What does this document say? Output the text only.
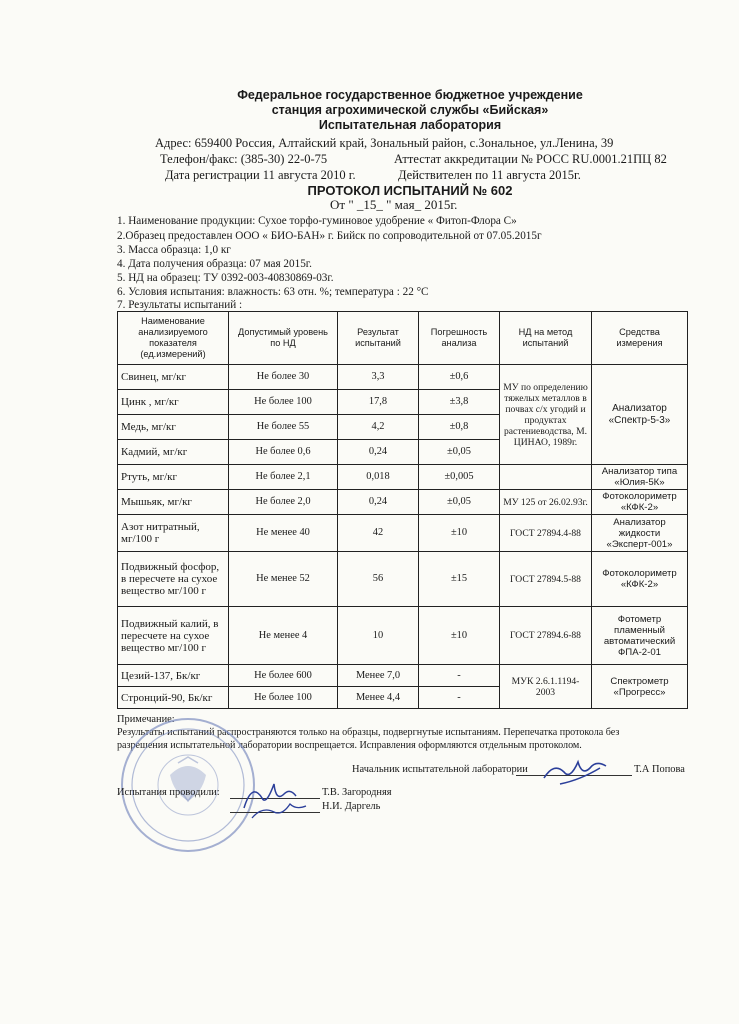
Федеральное государственное бюджетное учреждение
станция агрохимической службы «Бийская»
Испытательная лаборатория
Адрес: 659400 Россия, Алтайский край, Зональный район, с.Зональное, ул.Ленина, 39
Телефон/факс: (385-30) 22-0-75	Аттестат аккредитации № РОСС RU.0001.21ПЦ 82
Дата регистрации 11 августа 2010 г.	Действителен по 11 августа 2015г.
ПРОТОКОЛ ИСПЫТАНИЙ № 602
От " _15_ " мая_ 2015г.
1. Наименование продукции: Сухое торфо-гуминовое удобрение « Фитоп-Флора С»
2.Образец предоставлен ООО « БИО-БАН» г. Бийск по сопроводительной от 07.05.2015г
3. Масса образца: 1,0 кг
4. Дата получения образца: 07 мая 2015г.
5. НД на образец: ТУ 0392-003-40830869-03г.
6. Условия испытания: влажность: 63 отн. %; температура : 22 °С
7. Результаты испытаний :
Наименование анализируемого показателя (ед.измерений)	Допустимый уровень по НД	Результат испытаний	Погрешность анализа	НД на метод испытаний	Средства измерения
Свинец, мг/кг	Не более 30	3,3	±0,6	МУ по определению тяжелых металлов в почвах с/х угодий и продуктах растениеводства, М. ЦИНАО, 1989г.	Анализатор «Спектр-5-3»
Цинк , мг/кг	Не более 100	17,8	±3,8		
Медь, мг/кг	Не более 55	4,2	±0,8		
Кадмий, мг/кг	Не более 0,6	0,24	±0,05		
Ртуть, мг/кг	Не более 2,1	0,018	±0,005		Анализатор типа «Юлия-5К»
Мышьяк, мг/кг	Не более 2,0	0,24	±0,05	МУ 125 от 26.02.93г.	Фотоколориметр «КФК-2»
Азот нитратный, мг/100 г	Не менее 40	42	±10	ГОСТ 27894.4-88	Анализатор жидкости «Эксперт-001»
Подвижный фосфор, в пересчете на сухое вещество мг/100 г	Не менее 52	56	±15	ГОСТ 27894.5-88	Фотоколориметр «КФК-2»
Подвижный калий, в пересчете на сухое вещество мг/100 г	Не менее 4	10	±10	ГОСТ 27894.6-88	Фотометр пламенный автоматический ФПА-2-01
Цезий-137, Бк/кг	Не более 600	Менее 7,0	-	МУК 2.6.1.1194-2003	Спектрометр «Прогресс»
Стронций-90, Бк/кг	Не более 100	Менее 4,4	-		
Примечание:
Результаты испытаний распространяются только на образцы, подвергнутые испытаниям. Перепечатка протокола без
разрешения испытательной лаборатории воспрещается. Исправления оформляются отдельным протоколом.
Начальник испытательной лаборатории	Т.А Попова
Испытания проводили:	Т.В. Загородняя
Н.И. Даргель
